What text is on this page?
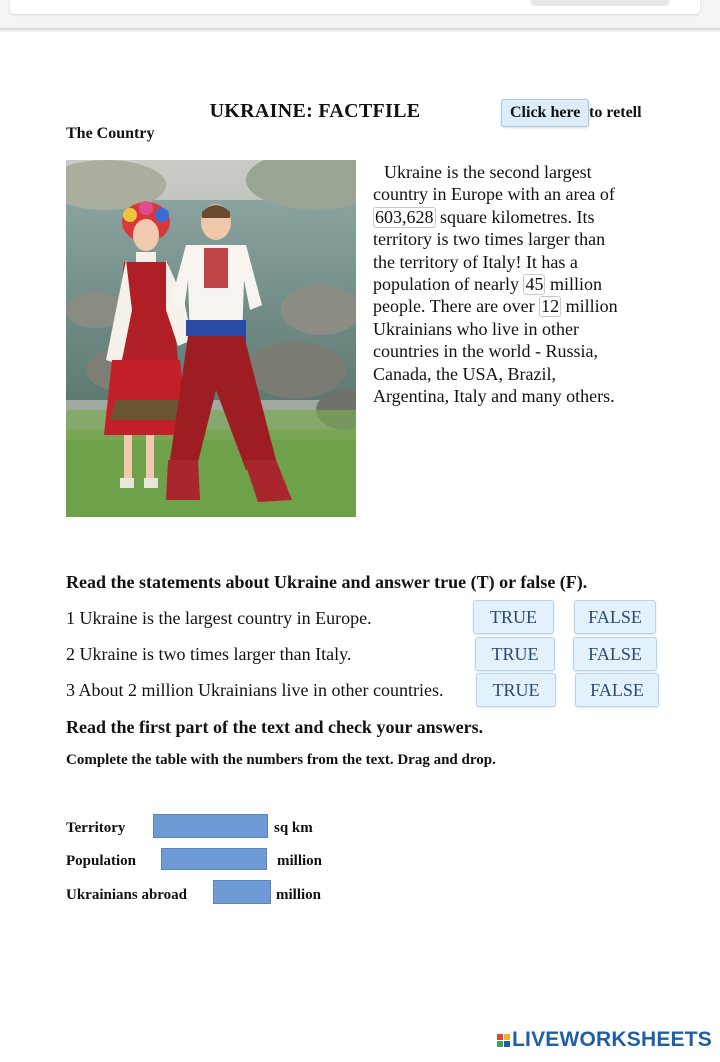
UKRAINE: FACTFILE	Click here to retell
The Country
Ukraine is the second largest
country in Europe with an area of
603,628 square kilometres. Its
territory is two times larger than
the territory of Italy! It has a
population of nearly 45 million
people. There are over 12 million
Ukrainians who live in other
countries in the world - Russia,
Canada, the USA, Brazil,
Argentina, Italy and many others.
Read the statements about Ukraine and answer true (T) or false (F).
1 Ukraine is the largest country in Europe.	TRUE	FALSE
2 Ukraine is two times larger than Italy.	TRUE	FALSE
3 About 2 million Ukrainians live in other countries.	TRUE	FALSE
Read the first part of the text and check your answers.
Complete the table with the numbers from the text. Drag and drop.
Territory	sq km
Population	million
Ukrainians abroad	million
LIVEWORKSHEETS
